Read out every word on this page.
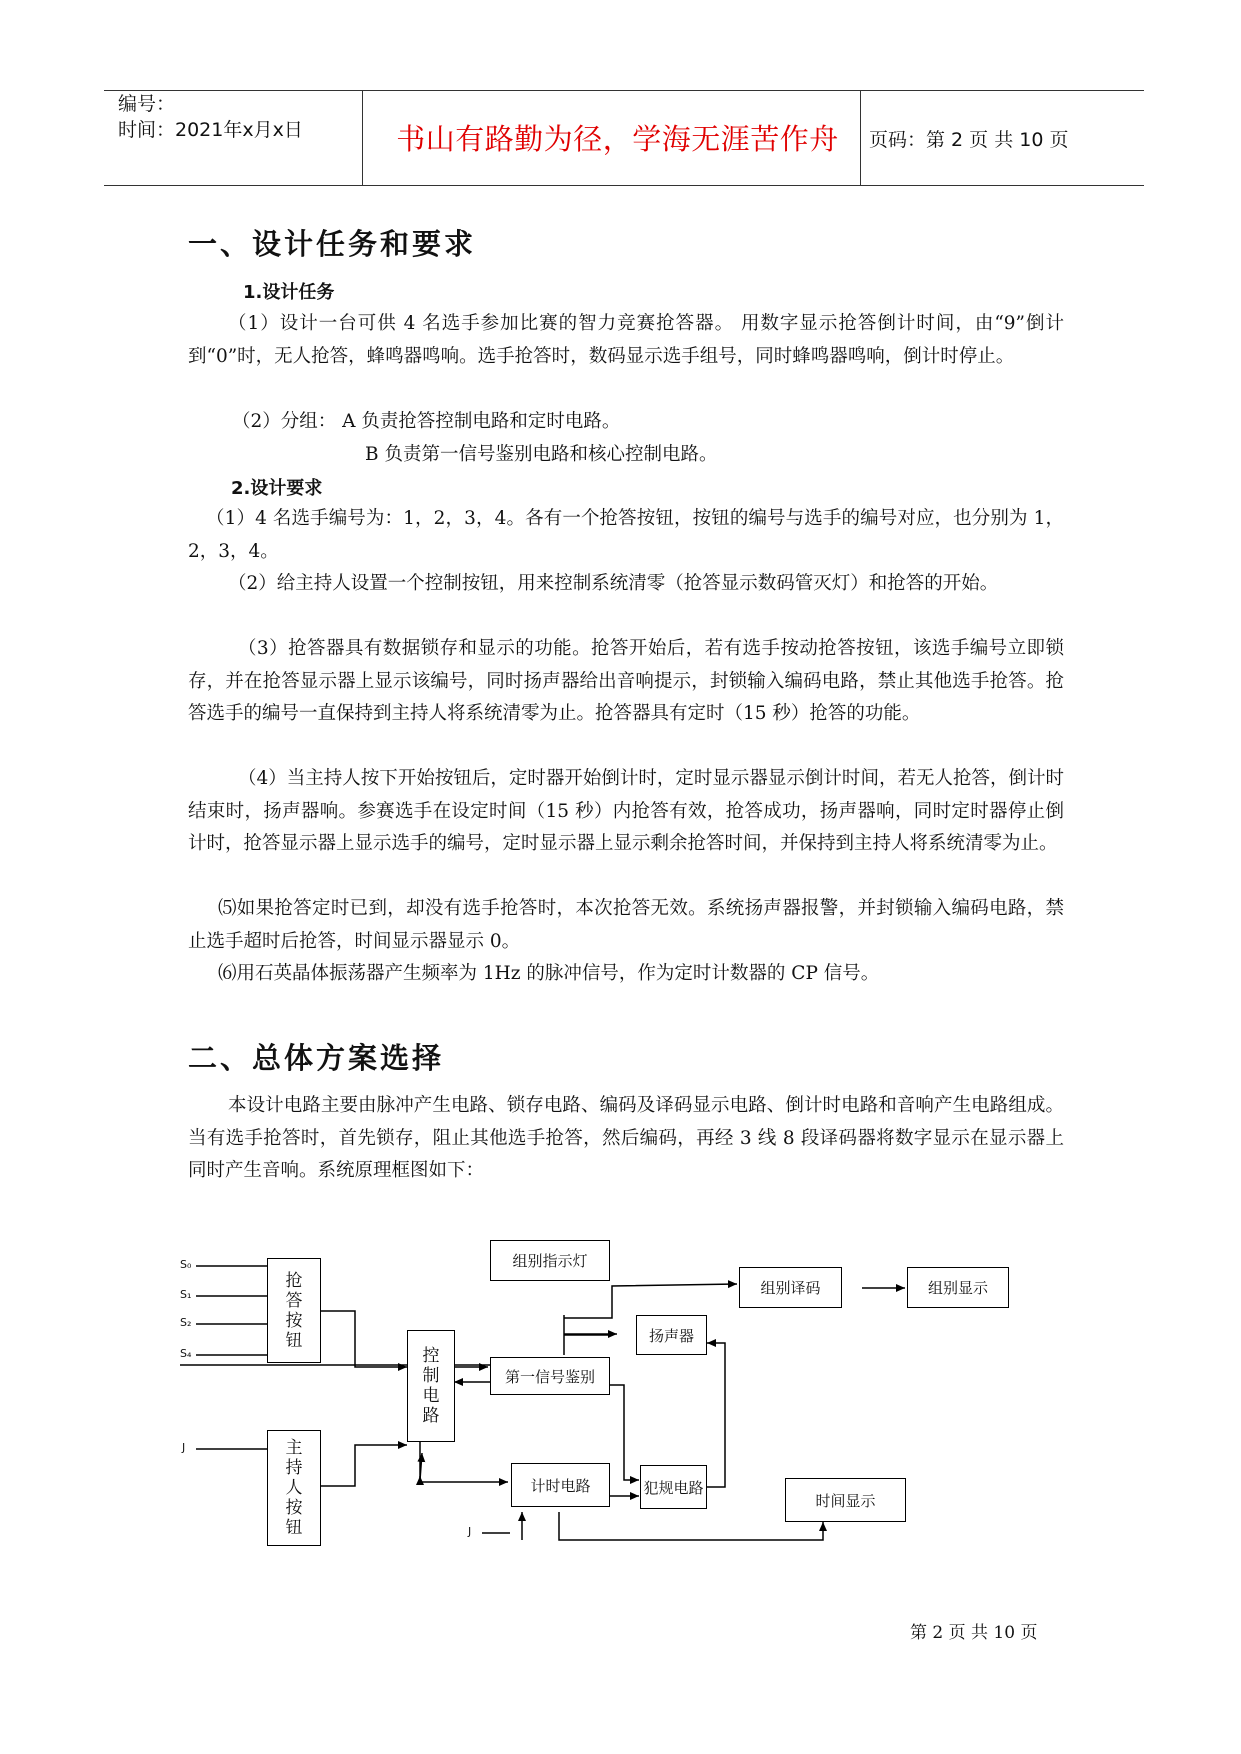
编号：
时间：2021年x月x日	书山有路勤为径，学海无涯苦作舟	页码：第 2 页 共 10 页
一、设计任务和要求
1.设计任务
（1）设计一台可供 4 名选手参加比赛的智力竞赛抢答器。 用数字显示抢答倒计时间，由“9”倒计到“0”时，无人抢答，蜂鸣器鸣响。选手抢答时，数码显示选手组号，同时蜂鸣器鸣响，倒计时停止。
（2）分组： A 负责抢答控制电路和定时电路。
B 负责第一信号鉴别电路和核心控制电路。
2.设计要求
（1）4 名选手编号为：1，2，3，4。各有一个抢答按钮，按钮的编号与选手的编号对应，也分别为 1，2，3，4。
（2）给主持人设置一个控制按钮，用来控制系统清零（抢答显示数码管灭灯）和抢答的开始。
（3）抢答器具有数据锁存和显示的功能。抢答开始后，若有选手按动抢答按钮，该选手编号立即锁存，并在抢答显示器上显示该编号，同时扬声器给出音响提示，封锁输入编码电路，禁止其他选手抢答。抢答选手的编号一直保持到主持人将系统清零为止。抢答器具有定时（15 秒）抢答的功能。
（4）当主持人按下开始按钮后，定时器开始倒计时，定时显示器显示倒计时间，若无人抢答，倒计时结束时，扬声器响。参赛选手在设定时间（15 秒）内抢答有效，抢答成功，扬声器响，同时定时器停止倒计时，抢答显示器上显示选手的编号，定时显示器上显示剩余抢答时间，并保持到主持人将系统清零为止。
⑸如果抢答定时已到，却没有选手抢答时，本次抢答无效。系统扬声器报警，并封锁输入编码电路，禁止选手超时后抢答，时间显示器显示 0。
⑹用石英晶体振荡器产生频率为 1Hz 的脉冲信号，作为定时计数器的 CP 信号。
二、总体方案选择
本设计电路主要由脉冲产生电路、锁存电路、编码及译码显示电路、倒计时电路和音响产生电路组成。当有选手抢答时，首先锁存，阻止其他选手抢答，然后编码，再经 3 线 8 段译码器将数字显示在显示器上同时产生音响。系统原理框图如下：
S₀
S₁
S₂
S₄
J
J
抢
答
按
钮
主
持
人
按
钮
控
制
电
路
组别指示灯
第一信号鉴别
组别译码	组别显示
扬声器
计时电路	犯规电路
时间显示
第 2 页 共 10 页
